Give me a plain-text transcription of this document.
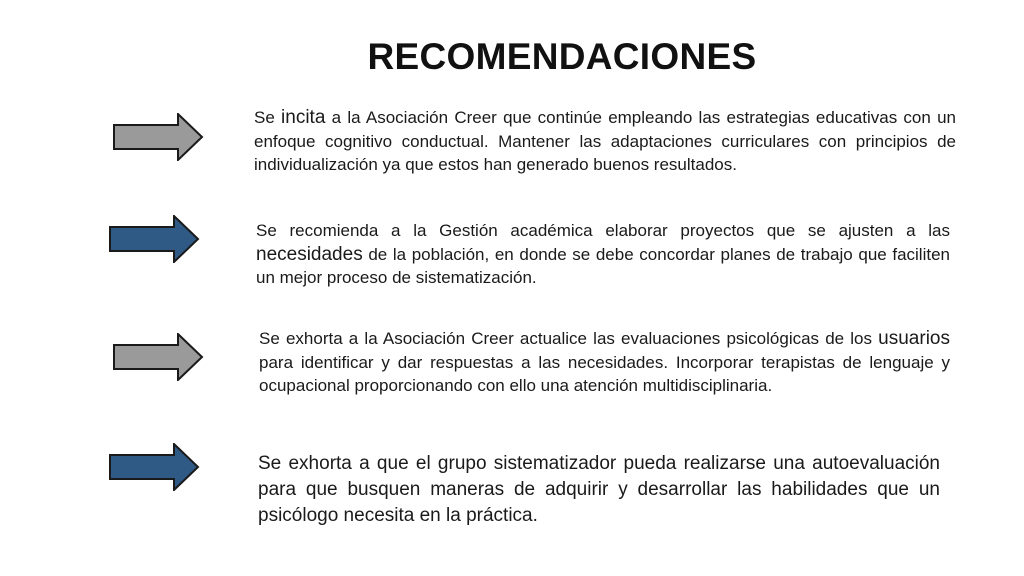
RECOMENDACIONES
Se incita a la Asociación Creer que continúe empleando las estrategias educativas con un enfoque cognitivo conductual. Mantener las adaptaciones curriculares con principios de individualización ya que estos han generado buenos resultados.
Se recomienda a la Gestión académica elaborar proyectos que se ajusten a las necesidades de la población, en donde se debe concordar planes de trabajo que faciliten un mejor proceso de sistematización.
Se exhorta a la Asociación Creer actualice las evaluaciones psicológicas de los usuarios para identificar y dar respuestas a las necesidades. Incorporar terapistas de lenguaje y ocupacional proporcionando con ello una atención multidisciplinaria.
Se exhorta a que el grupo sistematizador pueda realizarse una autoevaluación para que busquen maneras de adquirir y desarrollar las habilidades que un psicólogo necesita en la práctica.
